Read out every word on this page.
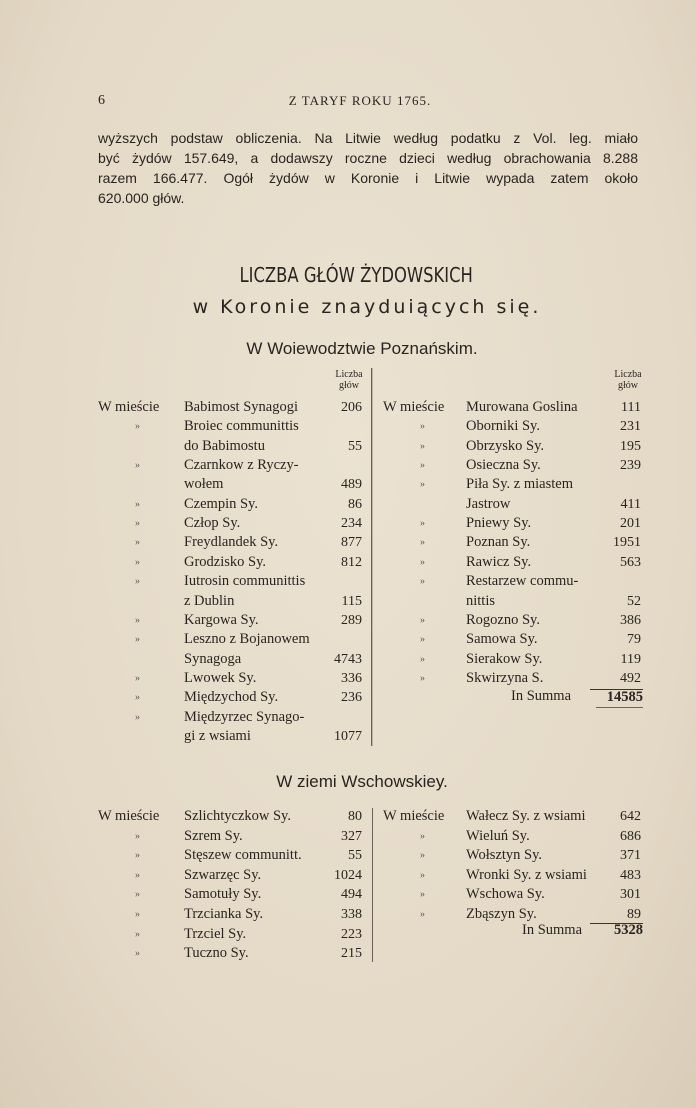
6	Z TARYF ROKU 1765.
wyższych podstaw obliczenia. Na Litwie według podatku z Vol. leg. miało
być żydów 157.649, a dodawszy roczne dzieci według obrachowania 8.288
razem 166.477. Ogół żydów w Koronie i Litwie wypada zatem około
620.000 głów.
LICZBA GŁÓW ŻYDOWSKICH
w Koronie znayduiących się.
W Woiewodztwie Poznańskim.
Liczba głów
Liczba głów
W mieście Babimost Synagogi	206
»	Broiec communittis
do Babimostu	55
»	Czarnkow z Ryczy-
wołem	489
»	Czempin Sy.	86
»	Człop Sy.	234
»	Freydlandek Sy.	877
»	Grodzisko Sy.	812
»	Iutrosin communittis
z Dublin	115
»	Kargowa Sy.	289
»	Leszno z Bojanowem
Synagoga	4743
»	Lwowek Sy.	336
»	Międzychod Sy.	236
»	Międzyrzec Synago-
gi z wsiami	1077
W mieście Murowana Goslina	111
»	Oborniki Sy.	231
»	Obrzysko Sy.	195
»	Osieczna Sy.	239
»	Piła Sy. z miastem
Jastrow	411
»	Pniewy Sy.	201
»	Poznan Sy.	1951
»	Rawicz Sy.	563
»	Restarzew commu-
nittis	52
»	Rogozno Sy.	386
»	Samowa Sy.	79
»	Sierakow Sy.	119
»	Skwirzyna S.	492
In Summa	14585
W ziemi Wschowskiey.
W mieście Szlichtyczkow Sy.	80
»	Szrem Sy.	327
»	Stęszew communitt.	55
»	Szwarzęc Sy.	1024
»	Samotuły Sy.	494
»	Trzcianka Sy.	338
»	Trzciel Sy.	223
»	Tuczno Sy.	215
W mieście Wałecz Sy. z wsiami 642
»	Wieluń Sy.	686
»	Wołsztyn Sy.	371
»	Wronki Sy. z wsiami 483
»	Wschowa Sy.	301
»	Zbąszyn Sy.	89
In Summa	5328
